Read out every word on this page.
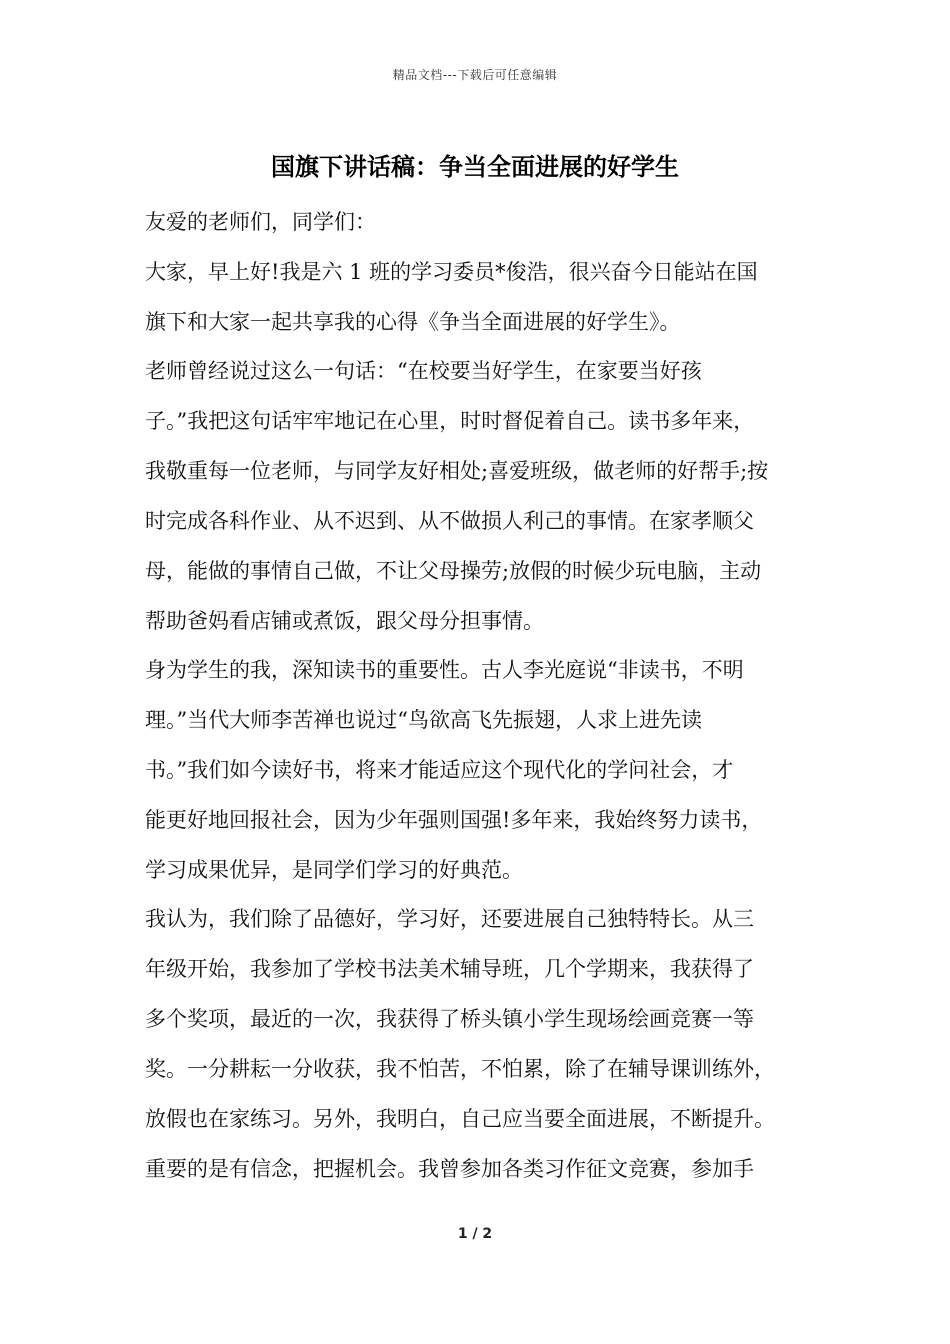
精品文档---下载后可任意编辑
国旗下讲话稿：争当全面进展的好学生
友爱的老师们，同学们：
大家，早上好!我是六 1 班的学习委员*俊浩，很兴奋今日能站在国
旗下和大家一起共享我的心得《争当全面进展的好学生》。
老师曾经说过这么一句话：“在校要当好学生，在家要当好孩
子。”我把这句话牢牢地记在心里，时时督促着自己。读书多年来，
我敬重每一位老师，与同学友好相处;喜爱班级，做老师的好帮手;按
时完成各科作业、从不迟到、从不做损人利己的事情。在家孝顺父
母，能做的事情自己做，不让父母操劳;放假的时候少玩电脑，主动
帮助爸妈看店铺或煮饭，跟父母分担事情。
身为学生的我，深知读书的重要性。古人李光庭说“非读书，不明
理。”当代大师李苦禅也说过“鸟欲高飞先振翅，人求上进先读
书。”我们如今读好书，将来才能适应这个现代化的学问社会，才
能更好地回报社会，因为少年强则国强!多年来，我始终努力读书，
学习成果优异，是同学们学习的好典范。
我认为，我们除了品德好，学习好，还要进展自己独特特长。从三
年级开始，我参加了学校书法美术辅导班，几个学期来，我获得了
多个奖项，最近的一次，我获得了桥头镇小学生现场绘画竞赛一等
奖。一分耕耘一分收获，我不怕苦，不怕累，除了在辅导课训练外，
放假也在家练习。另外，我明白，自己应当要全面进展，不断提升。
重要的是有信念，把握机会。我曾参加各类习作征文竞赛，参加手
1 / 2
